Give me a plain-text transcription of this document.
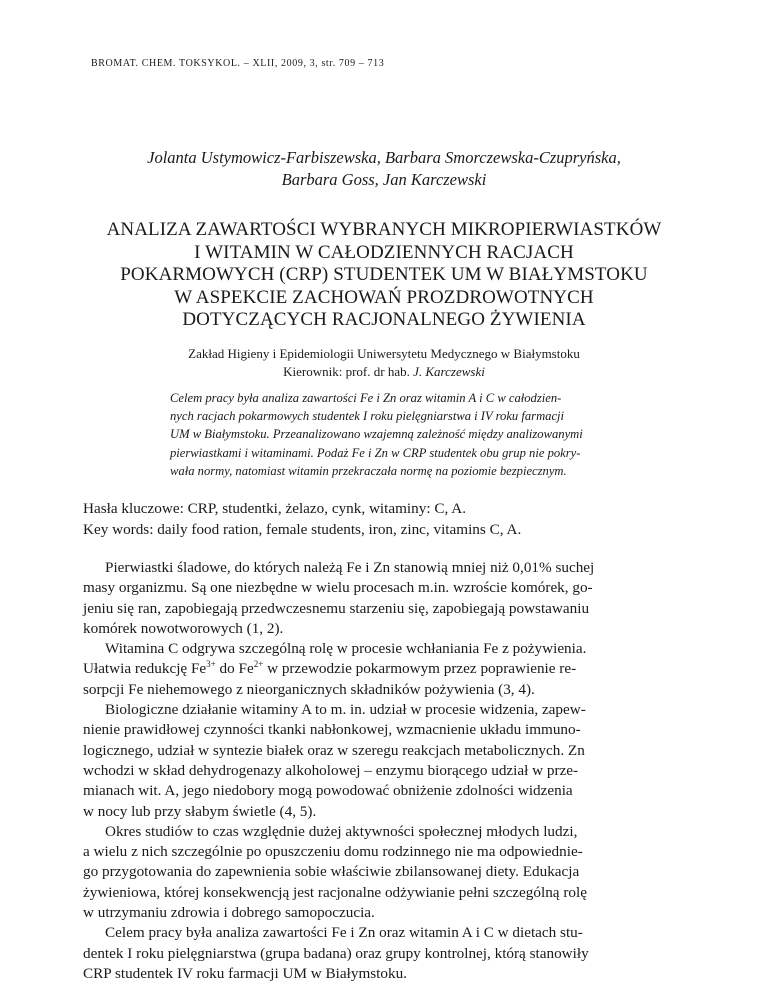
BROMAT. CHEM. TOKSYKOL. – XLII, 2009, 3, str. 709 – 713
Jolanta Ustymowicz-Farbiszewska, Barbara Smorczewska-Czupryńska,
Barbara Goss, Jan Karczewski
ANALIZA ZAWARTOŚCI WYBRANYCH MIKROPIERWIASTKÓW
I WITAMIN W CAŁODZIENNYCH RACJACH
POKARMOWYCH (CRP) STUDENTEK UM W BIAŁYMSTOKU
W ASPEKCIE ZACHOWAŃ PROZDROWOTNYCH
DOTYCZĄCYCH RACJONALNEGO ŻYWIENIA
Zakład Higieny i Epidemiologii Uniwersytetu Medycznego w Białymstoku
Kierownik: prof. dr hab. J. Karczewski
Celem pracy była analiza zawartości Fe i Zn oraz witamin A i C w całodzien-
nych racjach pokarmowych studentek I roku pielęgniarstwa i IV roku farmacji
UM w Białymstoku. Przeanalizowano wzajemną zależność między analizowanymi
pierwiastkami i witaminami. Podaż Fe i Zn w CRP studentek obu grup nie pokry-
wała normy, natomiast witamin przekraczała normę na poziomie bezpiecznym.
Hasła kluczowe: CRP, studentki, żelazo, cynk, witaminy: C, A.
Key words: daily food ration, female students, iron, zinc, vitamins C, A.
Pierwiastki śladowe, do których należą Fe i Zn stanowią mniej niż 0,01% suchej
masy organizmu. Są one niezbędne w wielu procesach m.in. wzroście komórek, go-
jeniu się ran, zapobiegają przedwczesnemu starzeniu się, zapobiegają powstawaniu
komórek nowotworowych (1, 2).
Witamina C odgrywa szczególną rolę w procesie wchłaniania Fe z pożywienia.
Ułatwia redukcję $Fe^{3+}$ do $Fe^{2+}$ w przewodzie pokarmowym przez poprawienie re-
sorpcji Fe niehemowego z nieorganicznych składników pożywienia (3, 4).
Biologiczne działanie witaminy A to m. in. udział w procesie widzenia, zapew-
nienie prawidłowej czynności tkanki nabłonkowej, wzmacnienie układu immuno-
logicznego, udział w syntezie białek oraz w szeregu reakcjach metabolicznych. Zn
wchodzi w skład dehydrogenazy alkoholowej – enzymu biorącego udział w prze-
mianach wit. A, jego niedobory mogą powodować obniżenie zdolności widzenia
w nocy lub przy słabym świetle (4, 5).
Okres studiów to czas względnie dużej aktywności społecznej młodych ludzi,
a wielu z nich szczególnie po opuszczeniu domu rodzinnego nie ma odpowiednie-
go przygotowania do zapewnienia sobie właściwie zbilansowanej diety. Edukacja
żywieniowa, której konsekwencją jest racjonalne odżywianie pełni szczególną rolę
w utrzymaniu zdrowia i dobrego samopoczucia.
Celem pracy była analiza zawartości Fe i Zn oraz witamin A i C w dietach stu-
dentek I roku pielęgniarstwa (grupa badana) oraz grupy kontrolnej, którą stanowiły
CRP studentek IV roku farmacji UM w Białymstoku.
